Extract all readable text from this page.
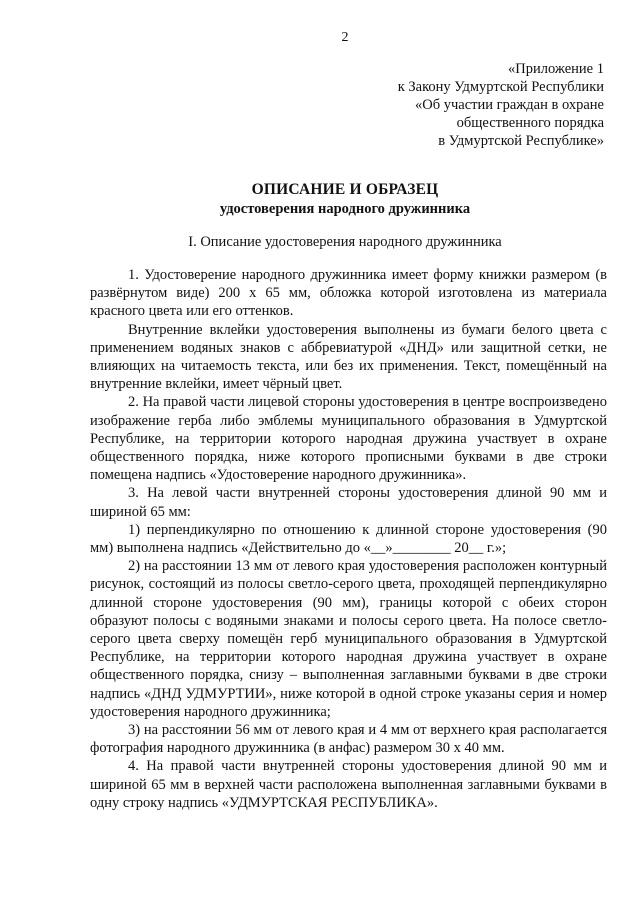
2
«Приложение 1
к Закону Удмуртской Республики
«Об участии граждан в охране
общественного порядка
в Удмуртской Республике»
ОПИСАНИЕ И ОБРАЗЕЦ
удостоверения народного дружинника
I. Описание удостоверения народного дружинника

1. Удостоверение народного дружинника имеет форму книжки размером (в развёрнутом виде) 200 x 65 мм, обложка которой изготовлена из материала красного цвета или его оттенков.

Внутренние вклейки удостоверения выполнены из бумаги белого цвета с применением водяных знаков с аббревиатурой «ДНД» или защитной сетки, не влияющих на читаемость текста, или без их применения. Текст, помещённый на внутренние вклейки, имеет чёрный цвет.

2. На правой части лицевой стороны удостоверения в центре воспроизведено изображение герба либо эмблемы муниципального образования в Удмуртской Республике, на территории которого народная дружина участвует в охране общественного порядка, ниже которого прописными буквами в две строки помещена надпись «Удостоверение народного дружинника».

3. На левой части внутренней стороны удостоверения длиной 90 мм и шириной 65 мм:

1) перпендикулярно по отношению к длинной стороне удостоверения (90 мм) выполнена надпись «Действительно до «__»________ 20__ г.»;

2) на расстоянии 13 мм от левого края удостоверения расположен контурный рисунок, состоящий из полосы светло-серого цвета, проходящей перпендикулярно длинной стороне удостоверения (90 мм), границы которой с обеих сторон образуют полосы с водяными знаками и полосы серого цвета. На полосе светло-серого цвета сверху помещён герб муниципального образования в Удмуртской Республике, на территории которого народная дружина участвует в охране общественного порядка, снизу – выполненная заглавными буквами в две строки надпись «ДНД УДМУРТИИ», ниже которой в одной строке указаны серия и номер удостоверения народного дружинника;

3) на расстоянии 56 мм от левого края и 4 мм от верхнего края располагается фотография народного дружинника (в анфас) размером 30 x 40 мм.

4. На правой части внутренней стороны удостоверения длиной 90 мм и шириной 65 мм в верхней части расположена выполненная заглавными буквами в одну строку надпись «УДМУРТСКАЯ РЕСПУБЛИКА».
